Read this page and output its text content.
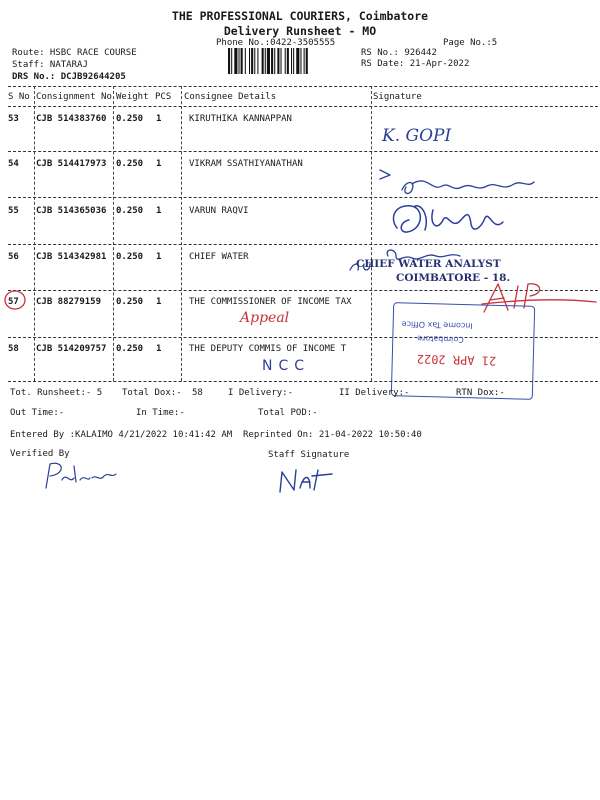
THE PROFESSIONAL COURIERS, Coimbatore
Delivery Runsheet - MO
Phone No.:0422-3505555	Page No.:5
Route: HSBC RACE COURSE
Staff: NATARAJ
DRS No.: DCJB92644205
RS No.: 926442
RS Date: 21-Apr-2022
S No Consignment No Weight PCS Consignee Details	Signature
53 CJB 514383760 0.250 1	KIRUTHIKA KANNAPPAN
K. GOPI
54 CJB 514417973 0.250 1	VIKRAM SSATHIYANATHAN
55 CJB 514365036 0.250 1	VARUN RAQVI
56 CJB 514342981 0.250 1	CHIEF WATER
CHIEF WATER ANALYST
COIMBATORE - 18.
57 CJB 88279159 0.250 1	THE COMMISSIONER OF INCOME TAX
Appeal
58 CJB 514209757 0.250 1	THE DEPUTY COMMIS OF INCOME T
NCC
Income Tax Office
Coimbatore
21 APR 2022
Tot. Runsheet:- 5 Total Dox:- 58	I Delivery:-	II Delivery:-	RTN Dox:-
Out Time:-	In Time:-	Total POD:-
Entered By :KALAIMO 4/21/2022 10:41:42 AM Reprinted On: 21-04-2022 10:50:40
Verified By	Staff Signature
